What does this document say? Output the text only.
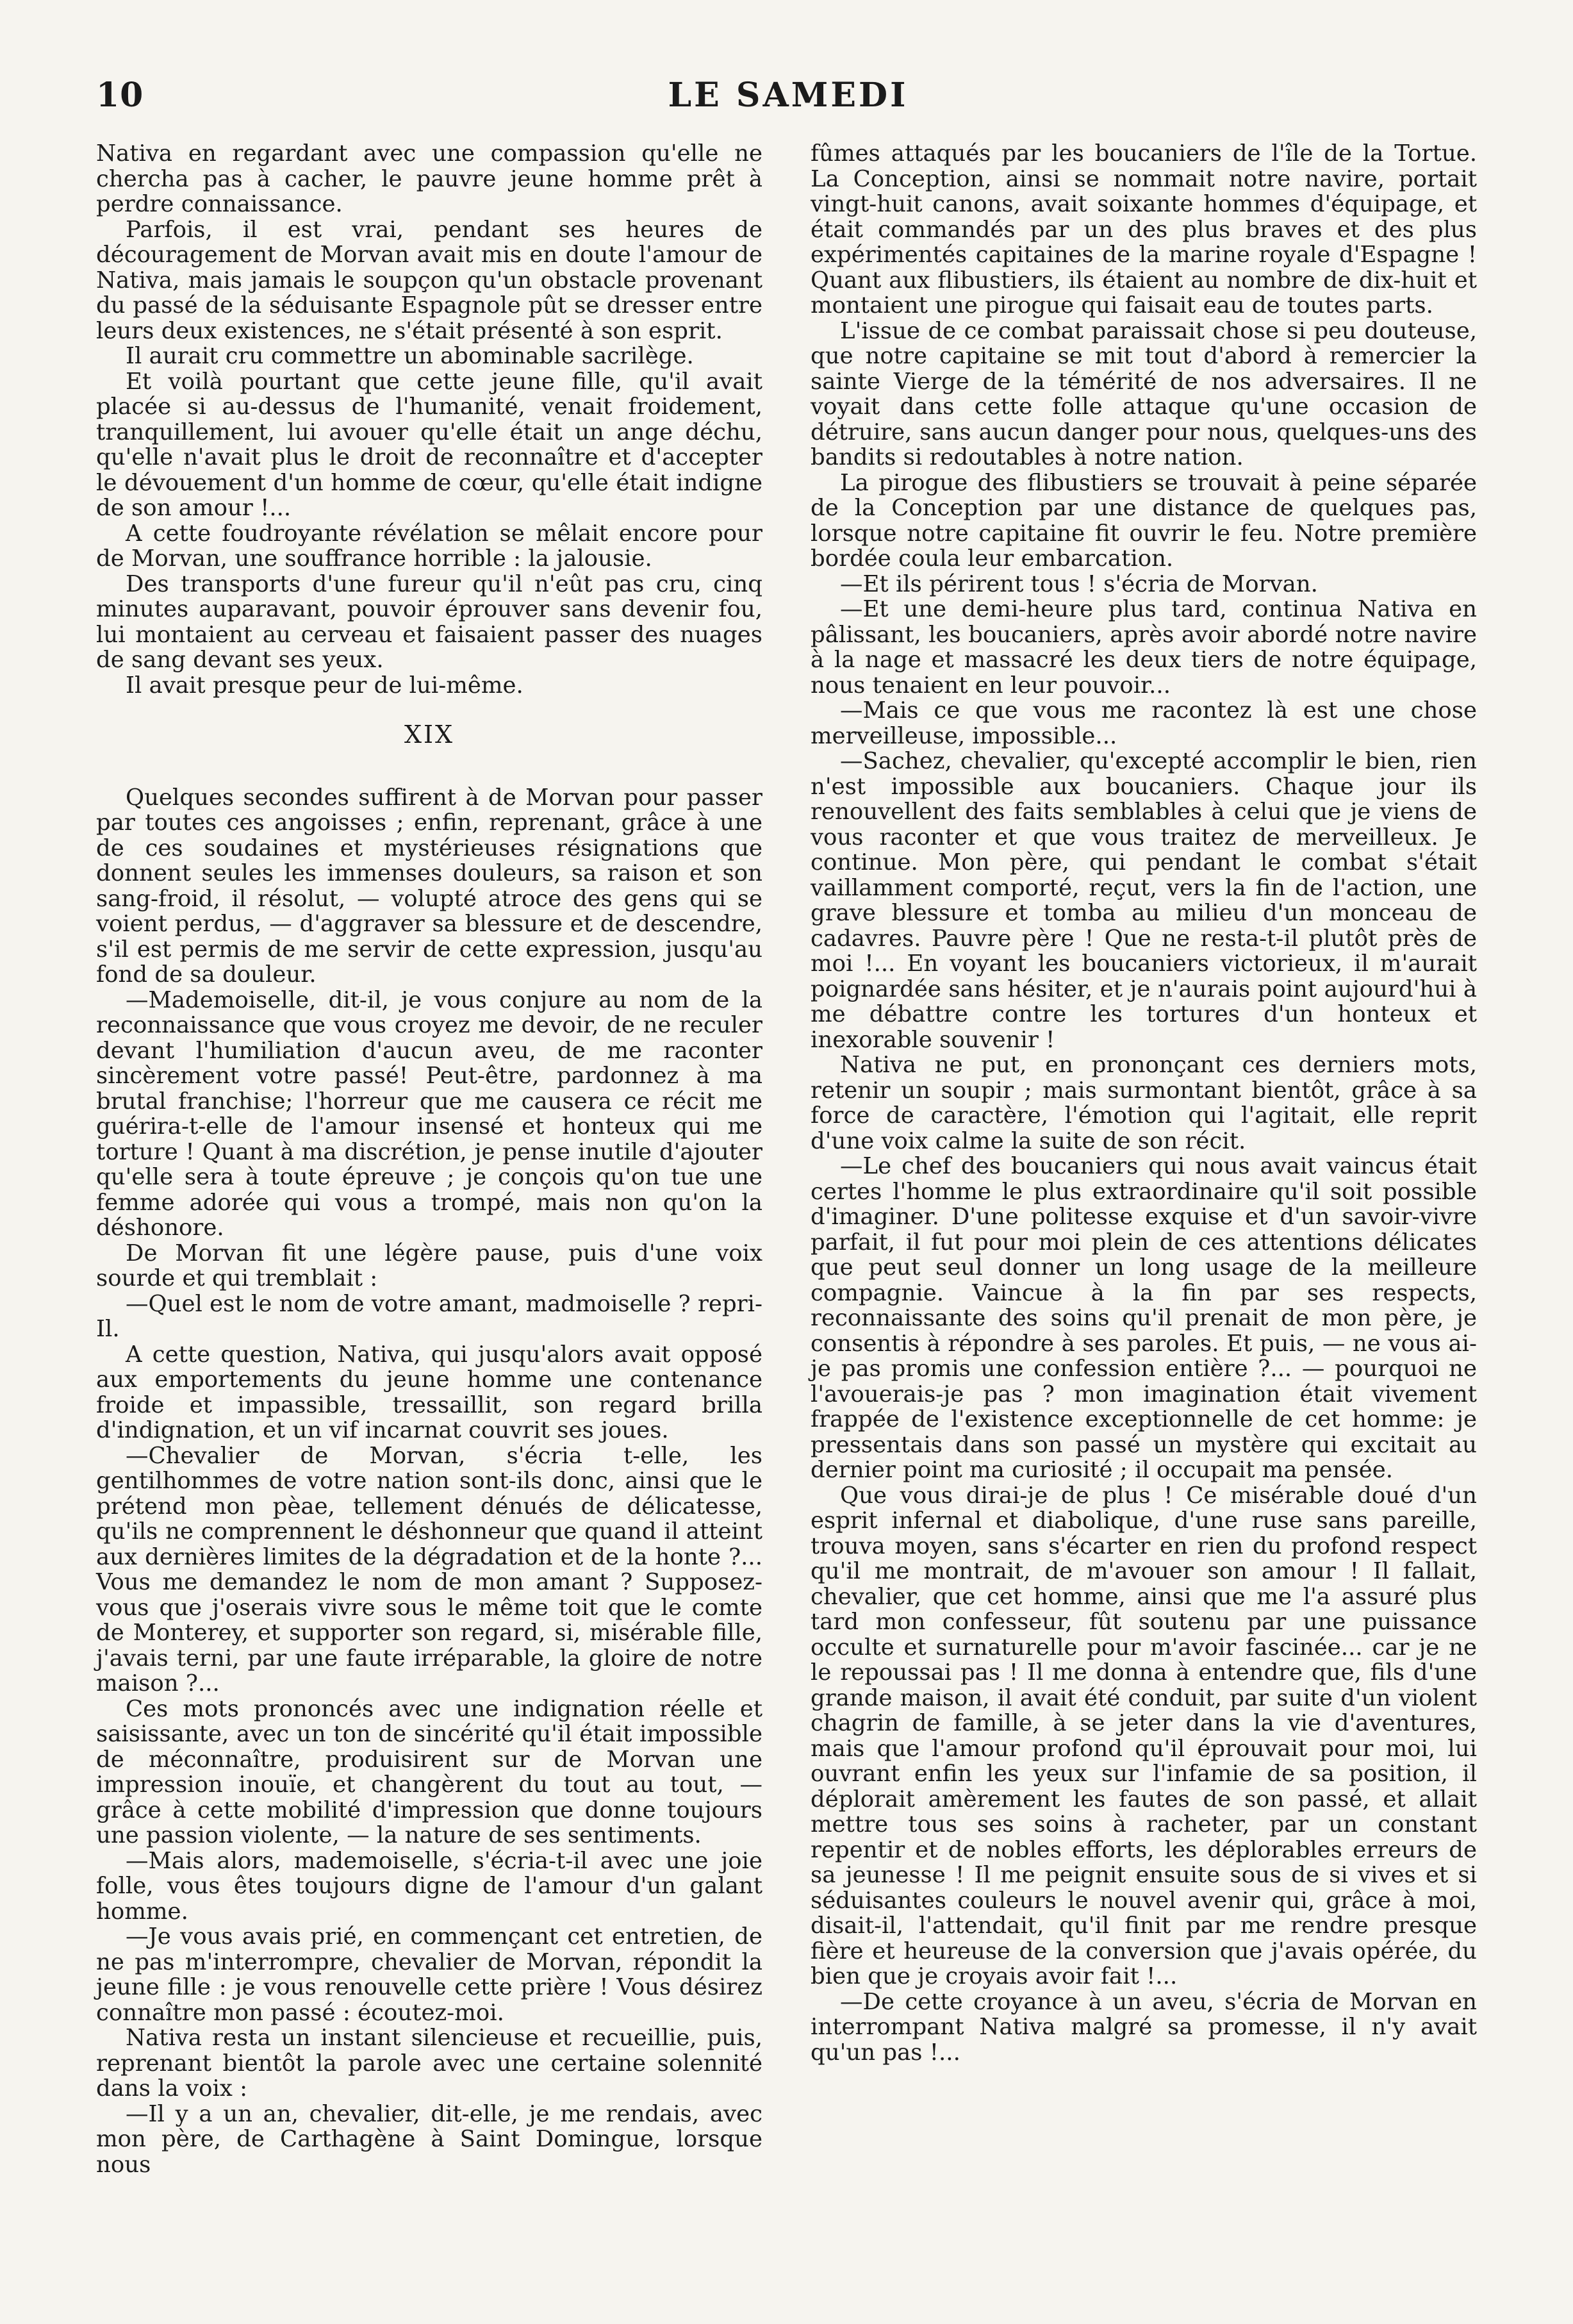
10	LE SAMEDI

Nativa en regardant avec une compassion qu'elle ne chercha pas à cacher, le pauvre jeune homme prêt à perdre connaissance.

Parfois, il est vrai, pendant ses heures de découragement de Morvan avait mis en doute l'amour de Nativa, mais jamais le soupçon qu'un obstacle provenant du passé de la séduisante Espagnole pût se dresser entre leurs deux existences, ne s'était présenté à son esprit.

Il aurait cru commettre un abominable sacrilège.

Et voilà pourtant que cette jeune fille, qu'il avait placée si au-dessus de l'humanité, venait froidement, tranquillement, lui avouer qu'elle était un ange déchu, qu'elle n'avait plus le droit de reconnaître et d'accepter le dévouement d'un homme de cœur, qu'elle était indigne de son amour !...

A cette foudroyante révélation se mêlait encore pour de Morvan, une souffrance horrible : la jalousie.

Des transports d'une fureur qu'il n'eût pas cru, cinq minutes auparavant, pouvoir éprouver sans devenir fou, lui montaient au cerveau et faisaient passer des nuages de sang devant ses yeux.

Il avait presque peur de lui-même.

XIX

Quelques secondes suffirent à de Morvan pour passer par toutes ces angoisses ; enfin, reprenant, grâce à une de ces soudaines et mystérieuses résignations que donnent seules les immenses douleurs, sa raison et son sang-froid, il résolut, — volupté atroce des gens qui se voient perdus, — d'aggraver sa blessure et de descendre, s'il est permis de me servir de cette expression, jusqu'au fond de sa douleur.

—Mademoiselle, dit-il, je vous conjure au nom de la reconnaissance que vous croyez me devoir, de ne reculer devant l'humiliation d'aucun aveu, de me raconter sincèrement votre passé! Peut-être, pardonnez à ma brutal franchise; l'horreur que me causera ce récit me guérira-t-elle de l'amour insensé et honteux qui me torture ! Quant à ma discrétion, je pense inutile d'ajouter qu'elle sera à toute épreuve ; je conçois qu'on tue une femme adorée qui vous a trompé, mais non qu'on la déshonore.

De Morvan fit une légère pause, puis d'une voix sourde et qui tremblait :

—Quel est le nom de votre amant, madmoiselle ? repri-Il.

A cette question, Nativa, qui jusqu'alors avait opposé aux emportements du jeune homme une contenance froide et impassible, tressaillit, son regard brilla d'indignation, et un vif incarnat couvrit ses joues.

—Chevalier de Morvan, s'écria t-elle, les gentilhommes de votre nation sont-ils donc, ainsi que le prétend mon pèae, tellement dénués de délicatesse, qu'ils ne comprennent le déshonneur que quand il atteint aux dernières limites de la dégradation et de la honte ?... Vous me demandez le nom de mon amant ? Supposez-vous que j'oserais vivre sous le même toit que le comte de Monterey, et supporter son regard, si, misérable fille, j'avais terni, par une faute irréparable, la gloire de notre maison ?...

Ces mots prononcés avec une indignation réelle et saisissante, avec un ton de sincérité qu'il était impossible de méconnaître, produisirent sur de Morvan une impression inouïe, et changèrent du tout au tout, — grâce à cette mobilité d'impression que donne toujours une passion violente, — la nature de ses sentiments.

—Mais alors, mademoiselle, s'écria-t-il avec une joie folle, vous êtes toujours digne de l'amour d'un galant homme.

—Je vous avais prié, en commençant cet entretien, de ne pas m'interrompre, chevalier de Morvan, répondit la jeune fille : je vous renouvelle cette prière ! Vous désirez connaître mon passé : écoutez-moi.

Nativa resta un instant silencieuse et recueillie, puis, reprenant bientôt la parole avec une certaine solennité dans la voix :

—Il y a un an, chevalier, dit-elle, je me rendais, avec mon père, de Carthagène à Saint Domingue, lorsque nous

fûmes attaqués par les boucaniers de l'île de la Tortue. La Conception, ainsi se nommait notre navire, portait vingt-huit canons, avait soixante hommes d'équipage, et était commandés par un des plus braves et des plus expérimentés capitaines de la marine royale d'Espagne ! Quant aux flibustiers, ils étaient au nombre de dix-huit et montaient une pirogue qui faisait eau de toutes parts.

L'issue de ce combat paraissait chose si peu douteuse, que notre capitaine se mit tout d'abord à remercier la sainte Vierge de la témérité de nos adversaires. Il ne voyait dans cette folle attaque qu'une occasion de détruire, sans aucun danger pour nous, quelques-uns des bandits si redoutables à notre nation.

La pirogue des flibustiers se trouvait à peine séparée de la Conception par une distance de quelques pas, lorsque notre capitaine fit ouvrir le feu. Notre première bordée coula leur embarcation.

—Et ils périrent tous ! s'écria de Morvan.

—Et une demi-heure plus tard, continua Nativa en pâlissant, les boucaniers, après avoir abordé notre navire à la nage et massacré les deux tiers de notre équipage, nous tenaient en leur pouvoir...

—Mais ce que vous me racontez là est une chose merveilleuse, impossible...

—Sachez, chevalier, qu'excepté accomplir le bien, rien n'est impossible aux boucaniers. Chaque jour ils renouvellent des faits semblables à celui que je viens de vous raconter et que vous traitez de merveilleux. Je continue. Mon père, qui pendant le combat s'était vaillamment comporté, reçut, vers la fin de l'action, une grave blessure et tomba au milieu d'un monceau de cadavres. Pauvre père ! Que ne resta-t-il plutôt près de moi !... En voyant les boucaniers victorieux, il m'aurait poignardée sans hésiter, et je n'aurais point aujourd'hui à me débattre contre les tortures d'un honteux et inexorable souvenir !

Nativa ne put, en prononçant ces derniers mots, retenir un soupir ; mais surmontant bientôt, grâce à sa force de caractère, l'émotion qui l'agitait, elle reprit d'une voix calme la suite de son récit.

—Le chef des boucaniers qui nous avait vaincus était certes l'homme le plus extraordinaire qu'il soit possible d'imaginer. D'une politesse exquise et d'un savoir-vivre parfait, il fut pour moi plein de ces attentions délicates que peut seul donner un long usage de la meilleure compagnie. Vaincue à la fin par ses respects, reconnaissante des soins qu'il prenait de mon père, je consentis à répondre à ses paroles. Et puis, — ne vous ai-je pas promis une confession entière ?... — pourquoi ne l'avouerais-je pas ? mon imagination était vivement frappée de l'existence exceptionnelle de cet homme: je pressentais dans son passé un mystère qui excitait au dernier point ma curiosité ; il occupait ma pensée.

Que vous dirai-je de plus ! Ce misérable doué d'un esprit infernal et diabolique, d'une ruse sans pareille, trouva moyen, sans s'écarter en rien du profond respect qu'il me montrait, de m'avouer son amour ! Il fallait, chevalier, que cet homme, ainsi que me l'a assuré plus tard mon confesseur, fût soutenu par une puissance occulte et surnaturelle pour m'avoir fascinée... car je ne le repoussai pas ! Il me donna à entendre que, fils d'une grande maison, il avait été conduit, par suite d'un violent chagrin de famille, à se jeter dans la vie d'aventures, mais que l'amour profond qu'il éprouvait pour moi, lui ouvrant enfin les yeux sur l'infamie de sa position, il déplorait amèrement les fautes de son passé, et allait mettre tous ses soins à racheter, par un constant repentir et de nobles efforts, les déplorables erreurs de sa jeunesse ! Il me peignit ensuite sous de si vives et si séduisantes couleurs le nouvel avenir qui, grâce à moi, disait-il, l'attendait, qu'il finit par me rendre presque fière et heureuse de la conversion que j'avais opérée, du bien que je croyais avoir fait !...

—De cette croyance à un aveu, s'écria de Morvan en interrompant Nativa malgré sa promesse, il n'y avait qu'un pas !...
